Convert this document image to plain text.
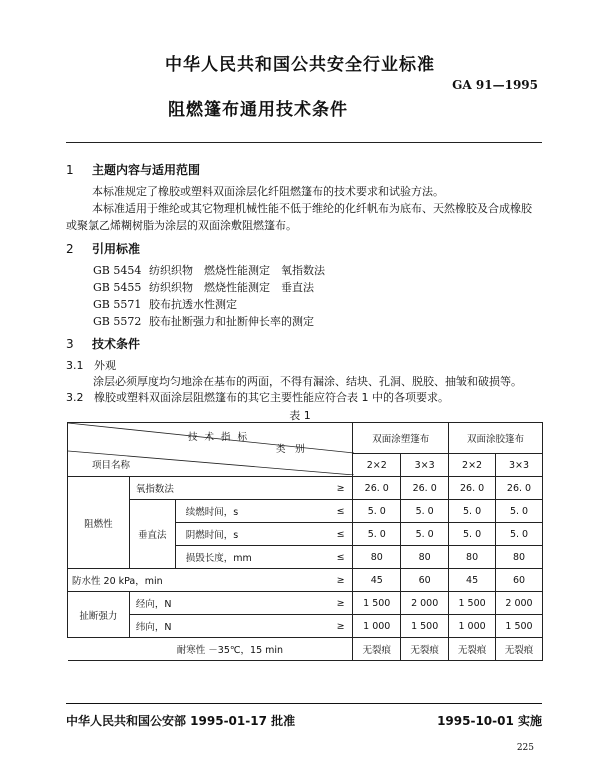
中华人民共和国公共安全行业标准
GA 91—1995
阻燃篷布通用技术条件
1 主题内容与适用范围
本标准规定了橡胶或塑料双面涂层化纤阻燃篷布的技术要求和试验方法。
本标准适用于维纶或其它物理机械性能不低于维纶的化纤帆布为底布、天然橡胶及合成橡胶或聚氯乙烯糊树脂为涂层的双面涂敷阻燃篷布。
2 引用标准
GB 5454 纺织织物　燃烧性能测定　氧指数法
GB 5455 纺织织物　燃烧性能测定　垂直法
GB 5571 胶布抗透水性测定
GB 5572 胶布扯断强力和扯断伸长率的测定
3 技术条件
3.1 外观
涂层必须厚度均匀地涂在基布的两面，不得有漏涂、结块、孔洞、脱胶、抽皱和破损等。
3.2 橡胶或塑料双面涂层阻燃篷布的其它主要性能应符合表 1 中的各项要求。
表 1
技 术 指 标
类　别
项目名称				双面涂塑篷布		双面涂胶篷布	
				2×2	3×3	2×2	3×3
阻燃性	氧指数法		≥	26. 0	26. 0	26. 0	26. 0
	垂直法	续燃时间，s	≤	5. 0	5. 0	5. 0	5. 0
		阴燃时间，s	≤	5. 0	5. 0	5. 0	5. 0
		损毁长度，mm	≤	80	80	80	80
防水性 20 kPa，min			≥	45	60	45	60
扯断强力	经向，N		≥	1 500	2 000	1 500	2 000
	纬向，N		≥	1 000	1 500	1 000	1 500
耐寒性 －35℃，15 min				无裂痕	无裂痕	无裂痕	无裂痕
中华人民共和国公安部 1995-01-17 批准	1995-10-01 实施
225
